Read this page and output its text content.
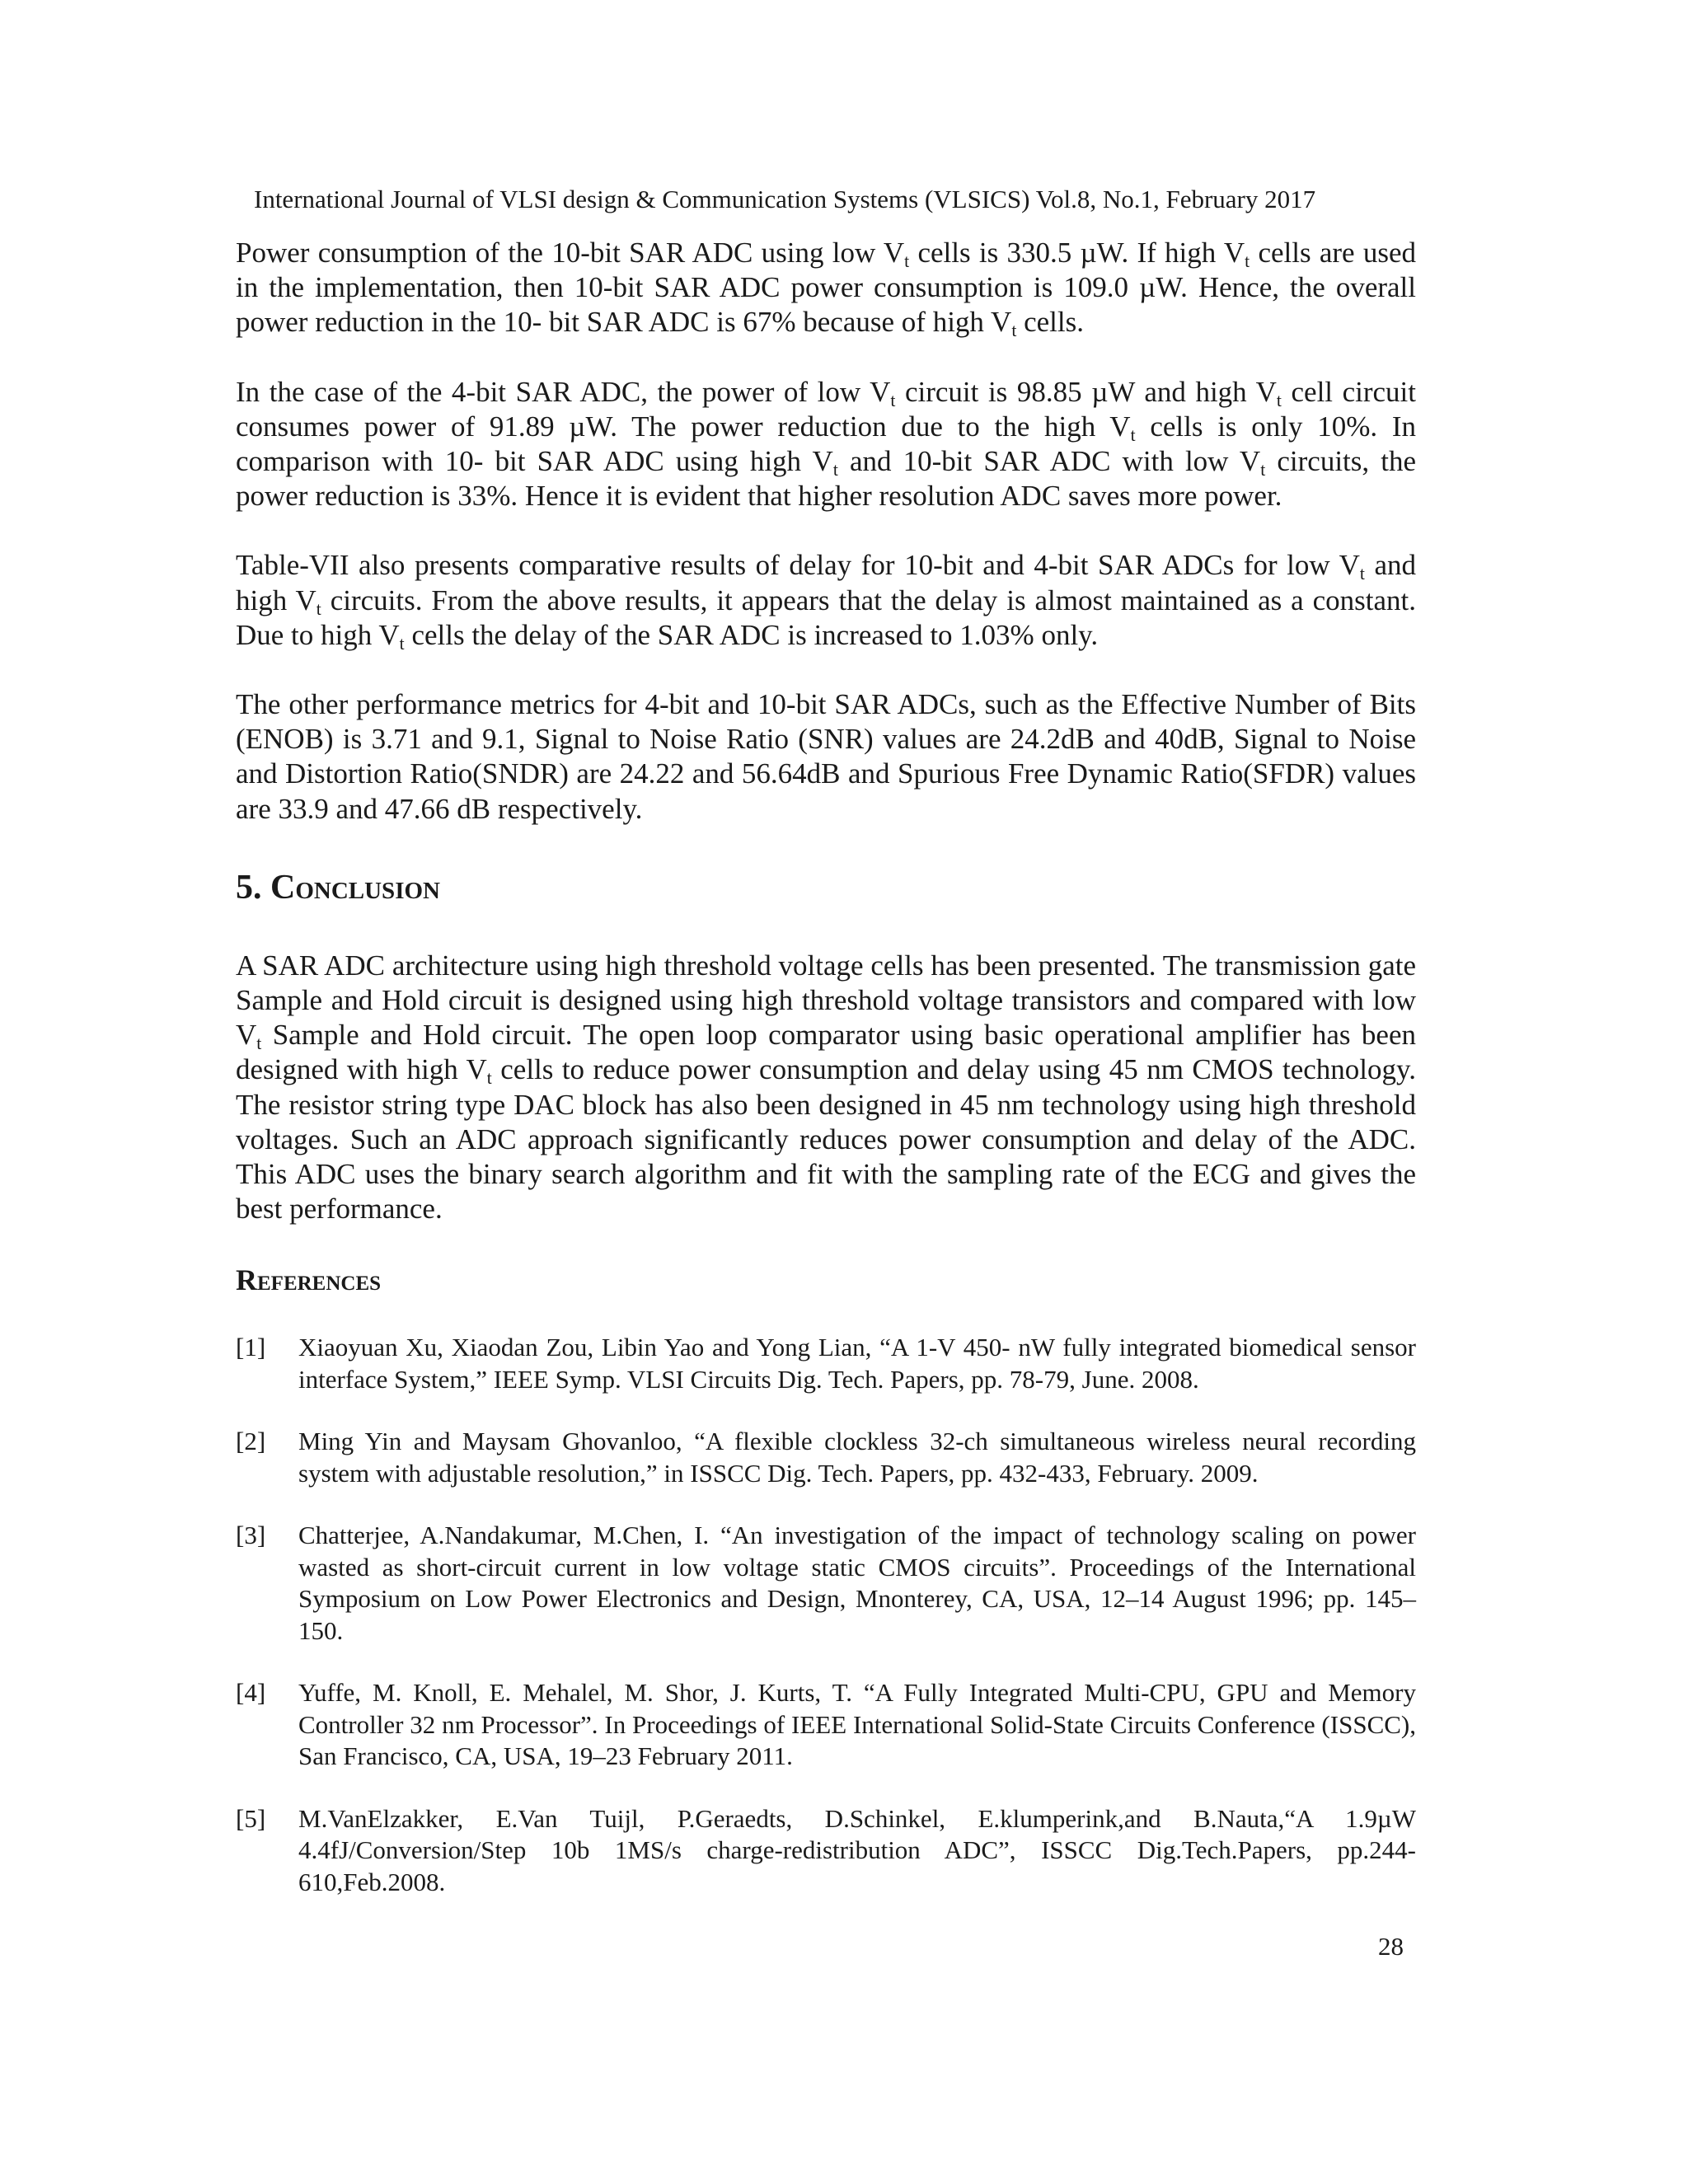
International Journal of VLSI design & Communication Systems (VLSICS) Vol.8, No.1, February 2017

Power consumption of the 10-bit SAR ADC using low $V_t$ cells is 330.5 µW. If high $V_t$ cells are used in the implementation, then 10-bit SAR ADC power consumption is 109.0 µW. Hence, the overall power reduction in the 10- bit SAR ADC is 67% because of high $V_t$ cells.

In the case of the 4-bit SAR ADC, the power of low $V_t$ circuit is 98.85 µW and high $V_t$ cell circuit consumes power of 91.89 µW. The power reduction due to the high $V_t$ cells is only 10%. In comparison with 10- bit SAR ADC using high $V_t$ and 10-bit SAR ADC with low $V_t$ circuits, the power reduction is 33%. Hence it is evident that higher resolution ADC saves more power.

Table-VII also presents comparative results of delay for 10-bit and 4-bit SAR ADCs for low $V_t$ and high $V_t$ circuits. From the above results, it appears that the delay is almost maintained as a constant. Due to high $V_t$ cells the delay of the SAR ADC is increased to 1.03% only.

The other performance metrics for 4-bit and 10-bit SAR ADCs, such as the Effective Number of Bits (ENOB) is 3.71 and 9.1, Signal to Noise Ratio (SNR) values are 24.2dB and 40dB, Signal to Noise and Distortion Ratio(SNDR) are 24.22 and 56.64dB and Spurious Free Dynamic Ratio(SFDR) values are 33.9 and 47.66 dB respectively.

5. Conclusion

A SAR ADC architecture using high threshold voltage cells has been presented. The transmission gate Sample and Hold circuit is designed using high threshold voltage transistors and compared with low $V_t$ Sample and Hold circuit. The open loop comparator using basic operational amplifier has been designed with high $V_t$ cells to reduce power consumption and delay using 45 nm CMOS technology. The resistor string type DAC block has also been designed in 45 nm technology using high threshold voltages. Such an ADC approach significantly reduces power consumption and delay of the ADC. This ADC uses the binary search algorithm and fit with the sampling rate of the ECG and gives the best performance.

References
[1]	Xiaoyuan Xu, Xiaodan Zou, Libin Yao and Yong Lian, “A 1-V 450- nW fully integrated biomedical sensor interface System,” IEEE Symp. VLSI Circuits Dig. Tech. Papers, pp. 78-79, June. 2008.
[2]	Ming Yin and Maysam Ghovanloo, “A flexible clockless 32-ch simultaneous wireless neural recording system with adjustable resolution,” in ISSCC Dig. Tech. Papers, pp. 432-433, February. 2009.
[3]	Chatterjee, A.Nandakumar, M.Chen, I. “An investigation of the impact of technology scaling on power wasted as short-circuit current in low voltage static CMOS circuits”. Proceedings of the International Symposium on Low Power Electronics and Design, Mnonterey, CA, USA, 12–14 August 1996; pp. 145–150.
[4]	Yuffe, M. Knoll, E. Mehalel, M. Shor, J. Kurts, T. “A Fully Integrated Multi-CPU, GPU and Memory Controller 32 nm Processor”. In Proceedings of IEEE International Solid-State Circuits Conference (ISSCC), San Francisco, CA, USA, 19–23 February 2011.
[5]	M.VanElzakker, E.Van Tuijl, P.Geraedts, D.Schinkel, E.klumperink,and B.Nauta,“A 1.9µW 4.4fJ/Conversion/Step 10b 1MS/s charge-redistribution ADC”, ISSCC Dig.Tech.Papers, pp.244-610,Feb.2008.
28
